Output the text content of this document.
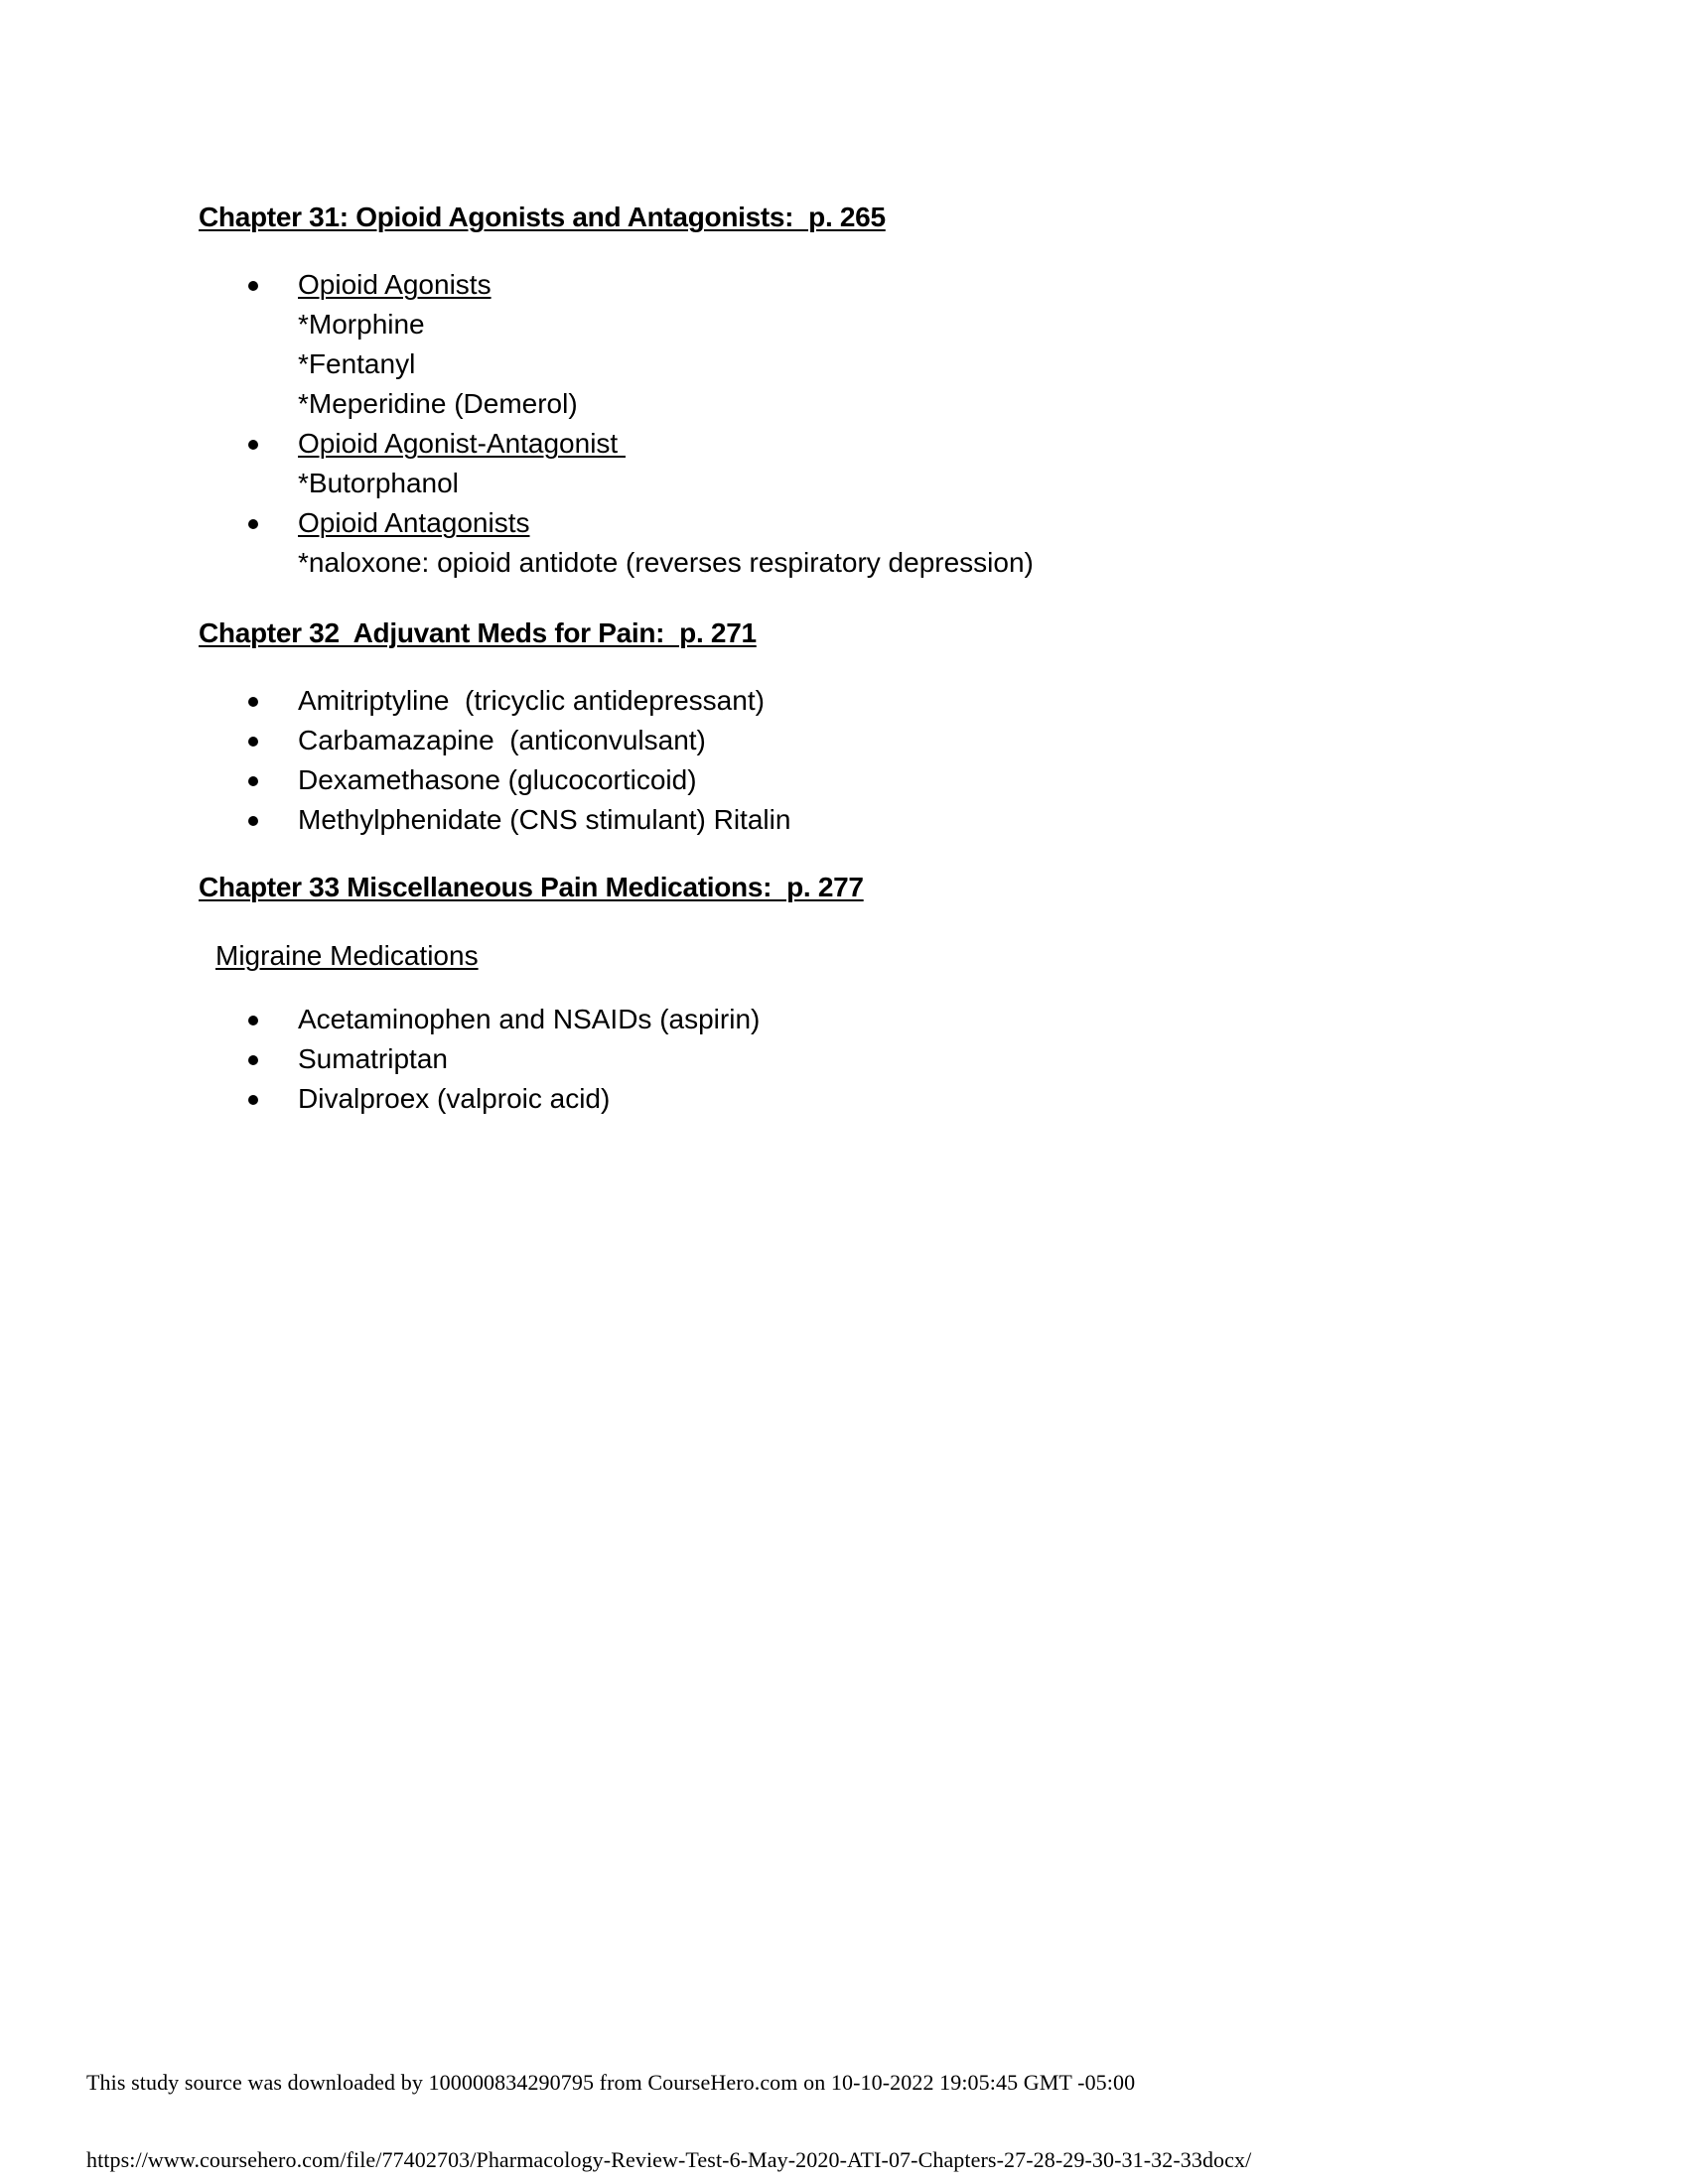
Chapter 31: Opioid Agonists and Antagonists:  p. 265
Opioid Agonists
*Morphine
*Fentanyl
*Meperidine (Demerol)
Opioid Agonist-Antagonist
*Butorphanol
Opioid Antagonists
*naloxone: opioid antidote (reverses respiratory depression)
Chapter 32  Adjuvant Meds for Pain:  p. 271
Amitriptyline  (tricyclic antidepressant)
Carbamazapine  (anticonvulsant)
Dexamethasone (glucocorticoid)
Methylphenidate (CNS stimulant) Ritalin
Chapter 33 Miscellaneous Pain Medications:  p. 277
Migraine Medications
Acetaminophen and NSAIDs (aspirin)
Sumatriptan
Divalproex (valproic acid)
This study source was downloaded by 100000834290795 from CourseHero.com on 10-10-2022 19:05:45 GMT -05:00
https://www.coursehero.com/file/77402703/Pharmacology-Review-Test-6-May-2020-ATI-07-Chapters-27-28-29-30-31-32-33docx/
